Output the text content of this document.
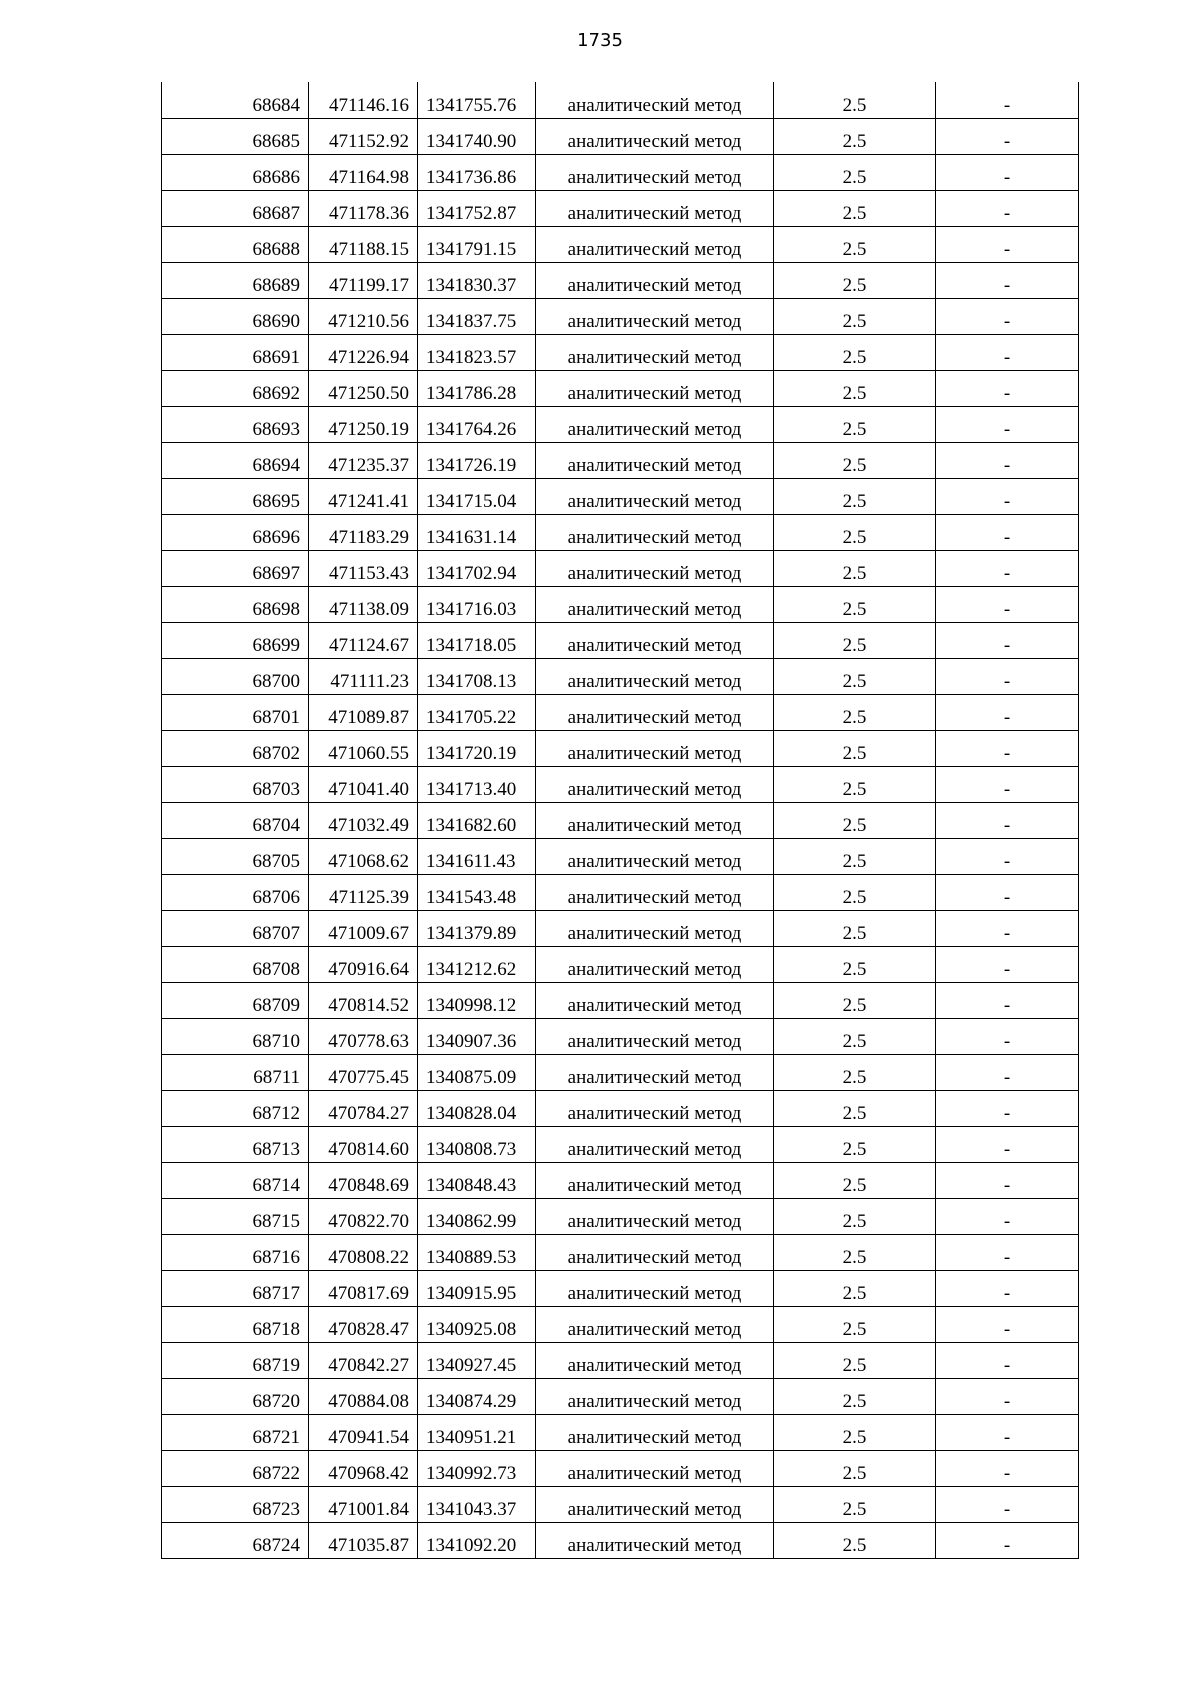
1735
68684	471146.16	1341755.76	аналитический метод	2.5	-
68685	471152.92	1341740.90	аналитический метод	2.5	-
68686	471164.98	1341736.86	аналитический метод	2.5	-
68687	471178.36	1341752.87	аналитический метод	2.5	-
68688	471188.15	1341791.15	аналитический метод	2.5	-
68689	471199.17	1341830.37	аналитический метод	2.5	-
68690	471210.56	1341837.75	аналитический метод	2.5	-
68691	471226.94	1341823.57	аналитический метод	2.5	-
68692	471250.50	1341786.28	аналитический метод	2.5	-
68693	471250.19	1341764.26	аналитический метод	2.5	-
68694	471235.37	1341726.19	аналитический метод	2.5	-
68695	471241.41	1341715.04	аналитический метод	2.5	-
68696	471183.29	1341631.14	аналитический метод	2.5	-
68697	471153.43	1341702.94	аналитический метод	2.5	-
68698	471138.09	1341716.03	аналитический метод	2.5	-
68699	471124.67	1341718.05	аналитический метод	2.5	-
68700	471111.23	1341708.13	аналитический метод	2.5	-
68701	471089.87	1341705.22	аналитический метод	2.5	-
68702	471060.55	1341720.19	аналитический метод	2.5	-
68703	471041.40	1341713.40	аналитический метод	2.5	-
68704	471032.49	1341682.60	аналитический метод	2.5	-
68705	471068.62	1341611.43	аналитический метод	2.5	-
68706	471125.39	1341543.48	аналитический метод	2.5	-
68707	471009.67	1341379.89	аналитический метод	2.5	-
68708	470916.64	1341212.62	аналитический метод	2.5	-
68709	470814.52	1340998.12	аналитический метод	2.5	-
68710	470778.63	1340907.36	аналитический метод	2.5	-
68711	470775.45	1340875.09	аналитический метод	2.5	-
68712	470784.27	1340828.04	аналитический метод	2.5	-
68713	470814.60	1340808.73	аналитический метод	2.5	-
68714	470848.69	1340848.43	аналитический метод	2.5	-
68715	470822.70	1340862.99	аналитический метод	2.5	-
68716	470808.22	1340889.53	аналитический метод	2.5	-
68717	470817.69	1340915.95	аналитический метод	2.5	-
68718	470828.47	1340925.08	аналитический метод	2.5	-
68719	470842.27	1340927.45	аналитический метод	2.5	-
68720	470884.08	1340874.29	аналитический метод	2.5	-
68721	470941.54	1340951.21	аналитический метод	2.5	-
68722	470968.42	1340992.73	аналитический метод	2.5	-
68723	471001.84	1341043.37	аналитический метод	2.5	-
68724	471035.87	1341092.20	аналитический метод	2.5	-
